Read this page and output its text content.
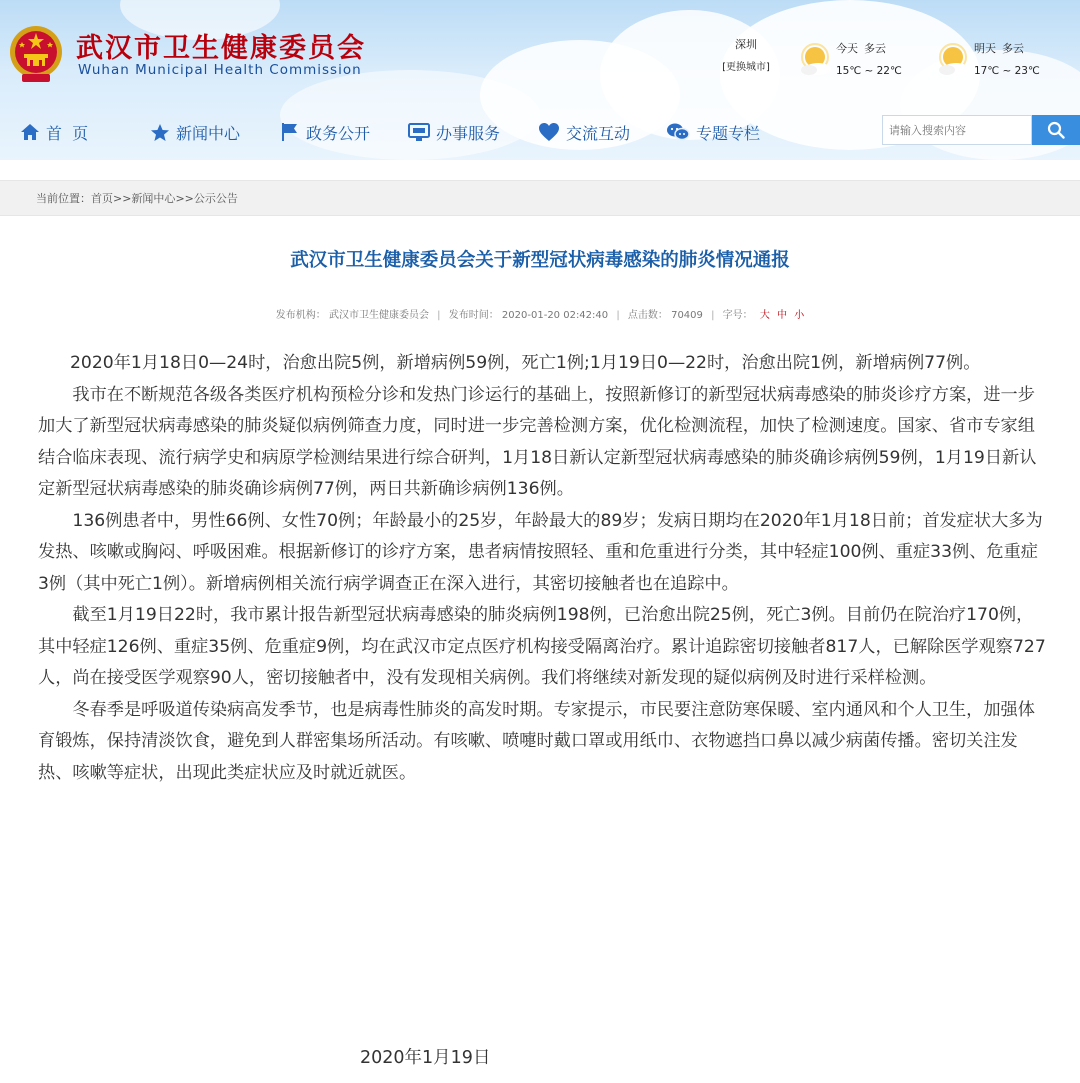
武汉市卫生健康委员会
Wuhan Municipal Health Commission
深圳
[更换城市]
今天 多云
15℃ ~ 22℃
明天 多云
17℃ ~ 23℃
首  页	新闻中心	政务公开	办事服务	交流互动	专题专栏
请输入搜索内容
当前位置：首页>>新闻中心>>公示公告
武汉市卫生健康委员会关于新型冠状病毒感染的肺炎情况通报
发布机构： 武汉市卫生健康委员会 | 发布时间： 2020-01-20 02:42:40 | 点击数： 70409 | 字号： 大 中 小

2020年1月18日0—24时，治愈出院5例，新增病例59例，死亡1例;1月19日0—22时，治愈出院1例，新增病例77例。

我市在不断规范各级各类医疗机构预检分诊和发热门诊运行的基础上，按照新修订的新型冠状病毒感染的肺炎诊疗方案，进一步加大了新型冠状病毒感染的肺炎疑似病例筛查力度，同时进一步完善检测方案，优化检测流程，加快了检测速度。国家、省市专家组结合临床表现、流行病学史和病原学检测结果进行综合研判，1月18日新认定新型冠状病毒感染的肺炎确诊病例59例，1月19日新认定新型冠状病毒感染的肺炎确诊病例77例，两日共新确诊病例136例。

136例患者中，男性66例、女性70例；年龄最小的25岁，年龄最大的89岁；发病日期均在2020年1月18日前；首发症状大多为发热、咳嗽或胸闷、呼吸困难。根据新修订的诊疗方案，患者病情按照轻、重和危重进行分类，其中轻症100例、重症33例、危重症3例（其中死亡1例）。新增病例相关流行病学调查正在深入进行，其密切接触者也在追踪中。

截至1月19日22时，我市累计报告新型冠状病毒感染的肺炎病例198例，已治愈出院25例，死亡3例。目前仍在院治疗170例，其中轻症126例、重症35例、危重症9例，均在武汉市定点医疗机构接受隔离治疗。累计追踪密切接触者817人，已解除医学观察727人，尚在接受医学观察90人，密切接触者中，没有发现相关病例。我们将继续对新发现的疑似病例及时进行采样检测。

冬春季是呼吸道传染病高发季节，也是病毒性肺炎的高发时期。专家提示，市民要注意防寒保暖、室内通风和个人卫生，加强体育锻炼，保持清淡饮食，避免到人群密集场所活动。有咳嗽、喷嚏时戴口罩或用纸巾、衣物遮挡口鼻以减少病菌传播。密切关注发热、咳嗽等症状，出现此类症状应及时就近就医。

2020年1月19日
